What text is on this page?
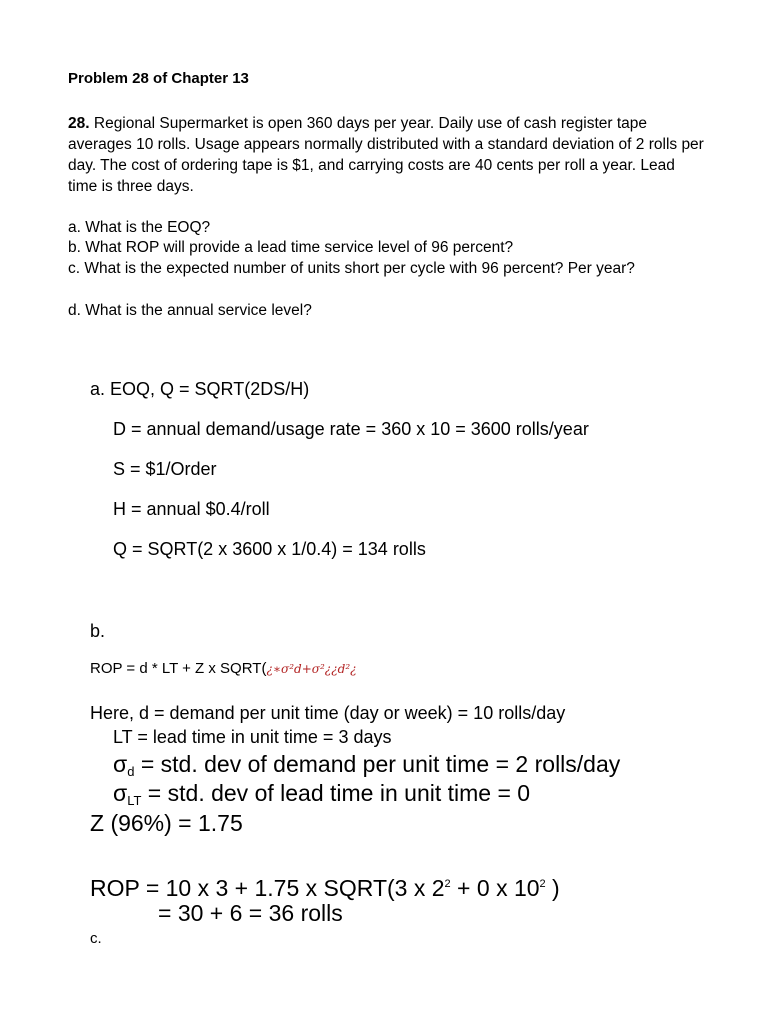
Problem 28 of Chapter 13
28. Regional Supermarket is open 360 days per year. Daily use of cash register tape averages 10 rolls. Usage appears normally distributed with a standard deviation of 2 rolls per day. The cost of ordering tape is $1, and carrying costs are 40 cents per roll a year. Lead time is three days.
a. What is the EOQ?
b. What ROP will provide a lead time service level of 96 percent?
c. What is the expected number of units short per cycle with 96 percent? Per year?
d. What is the annual service level?
a. EOQ, Q = SQRT(2DS/H)
D = annual demand/usage rate = 360 x 10 = 3600 rolls/year
S = $1/Order
H = annual $0.4/roll
Q = SQRT(2 x 3600 x 1/0.4) = 134 rolls
b.
ROP = d * LT + Z x SQRT(¿∗σ²d+σ²¿¿d²¿
Here, d = demand per unit time (day or week) = 10 rolls/day
LT = lead time in unit time = 3 days
$\sigma_d$ = std. dev of demand per unit time = 2 rolls/day
$\sigma_{LT}$ = std. dev of lead time in unit time = 0
Z (96%) = 1.75
ROP = 10 x 3 + 1.75 x SQRT(3 x $2^2 + 0$ x $10^2$ )
= 30 + 6 = 36 rolls
c.
